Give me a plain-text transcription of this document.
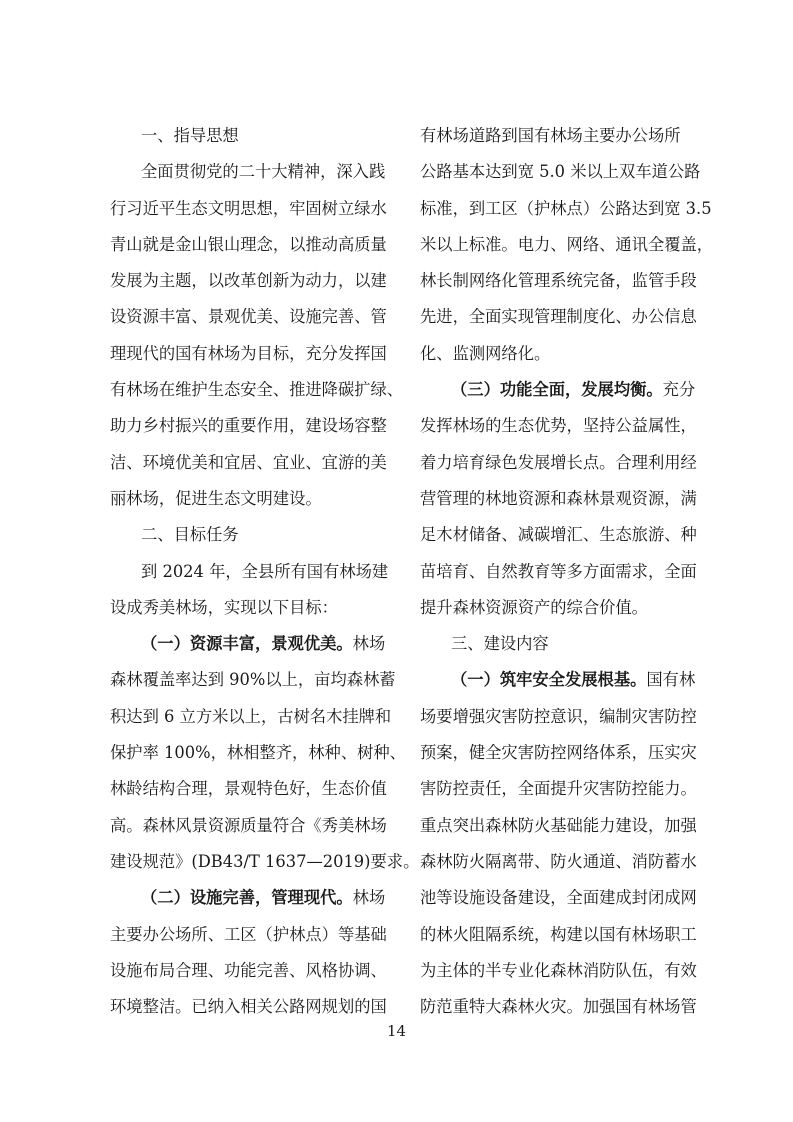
一、指导思想
全面贯彻党的二十大精神，深入践
行习近平生态文明思想，牢固树立绿水
青山就是金山银山理念，以推动高质量
发展为主题，以改革创新为动力，以建
设资源丰富、景观优美、设施完善、管
理现代的国有林场为目标，充分发挥国
有林场在维护生态安全、推进降碳扩绿、
助力乡村振兴的重要作用，建设场容整
洁、环境优美和宜居、宜业、宜游的美
丽林场，促进生态文明建设。
二、目标任务
到 2024 年，全县所有国有林场建
设成秀美林场，实现以下目标：
（一）资源丰富，景观优美。林场
森林覆盖率达到 90%以上，亩均森林蓄
积达到 6 立方米以上，古树名木挂牌和
保护率 100%，林相整齐，林种、树种、
林龄结构合理，景观特色好，生态价值
高。森林风景资源质量符合《秀美林场
建设规范》(DB43/T 1637—2019)要求。
（二）设施完善，管理现代。林场
主要办公场所、工区（护林点）等基础
设施布局合理、功能完善、风格协调、
环境整洁。已纳入相关公路网规划的国
有林场道路到国有林场主要办公场所
公路基本达到宽 5.0 米以上双车道公路
标准，到工区（护林点）公路达到宽 3.5
米以上标准。电力、网络、通讯全覆盖，
林长制网络化管理系统完备，监管手段
先进，全面实现管理制度化、办公信息
化、监测网络化。
（三）功能全面，发展均衡。充分
发挥林场的生态优势，坚持公益属性，
着力培育绿色发展增长点。合理利用经
营管理的林地资源和森林景观资源，满
足木材储备、减碳增汇、生态旅游、种
苗培育、自然教育等多方面需求，全面
提升森林资源资产的综合价值。
三、建设内容
（一）筑牢安全发展根基。国有林
场要增强灾害防控意识，编制灾害防控
预案，健全灾害防控网络体系，压实灾
害防控责任，全面提升灾害防控能力。
重点突出森林防火基础能力建设，加强
森林防火隔离带、防火通道、消防蓄水
池等设施设备建设，全面建成封闭成网
的林火阻隔系统，构建以国有林场职工
为主体的半专业化森林消防队伍，有效
防范重特大森林火灾。加强国有林场管
14
